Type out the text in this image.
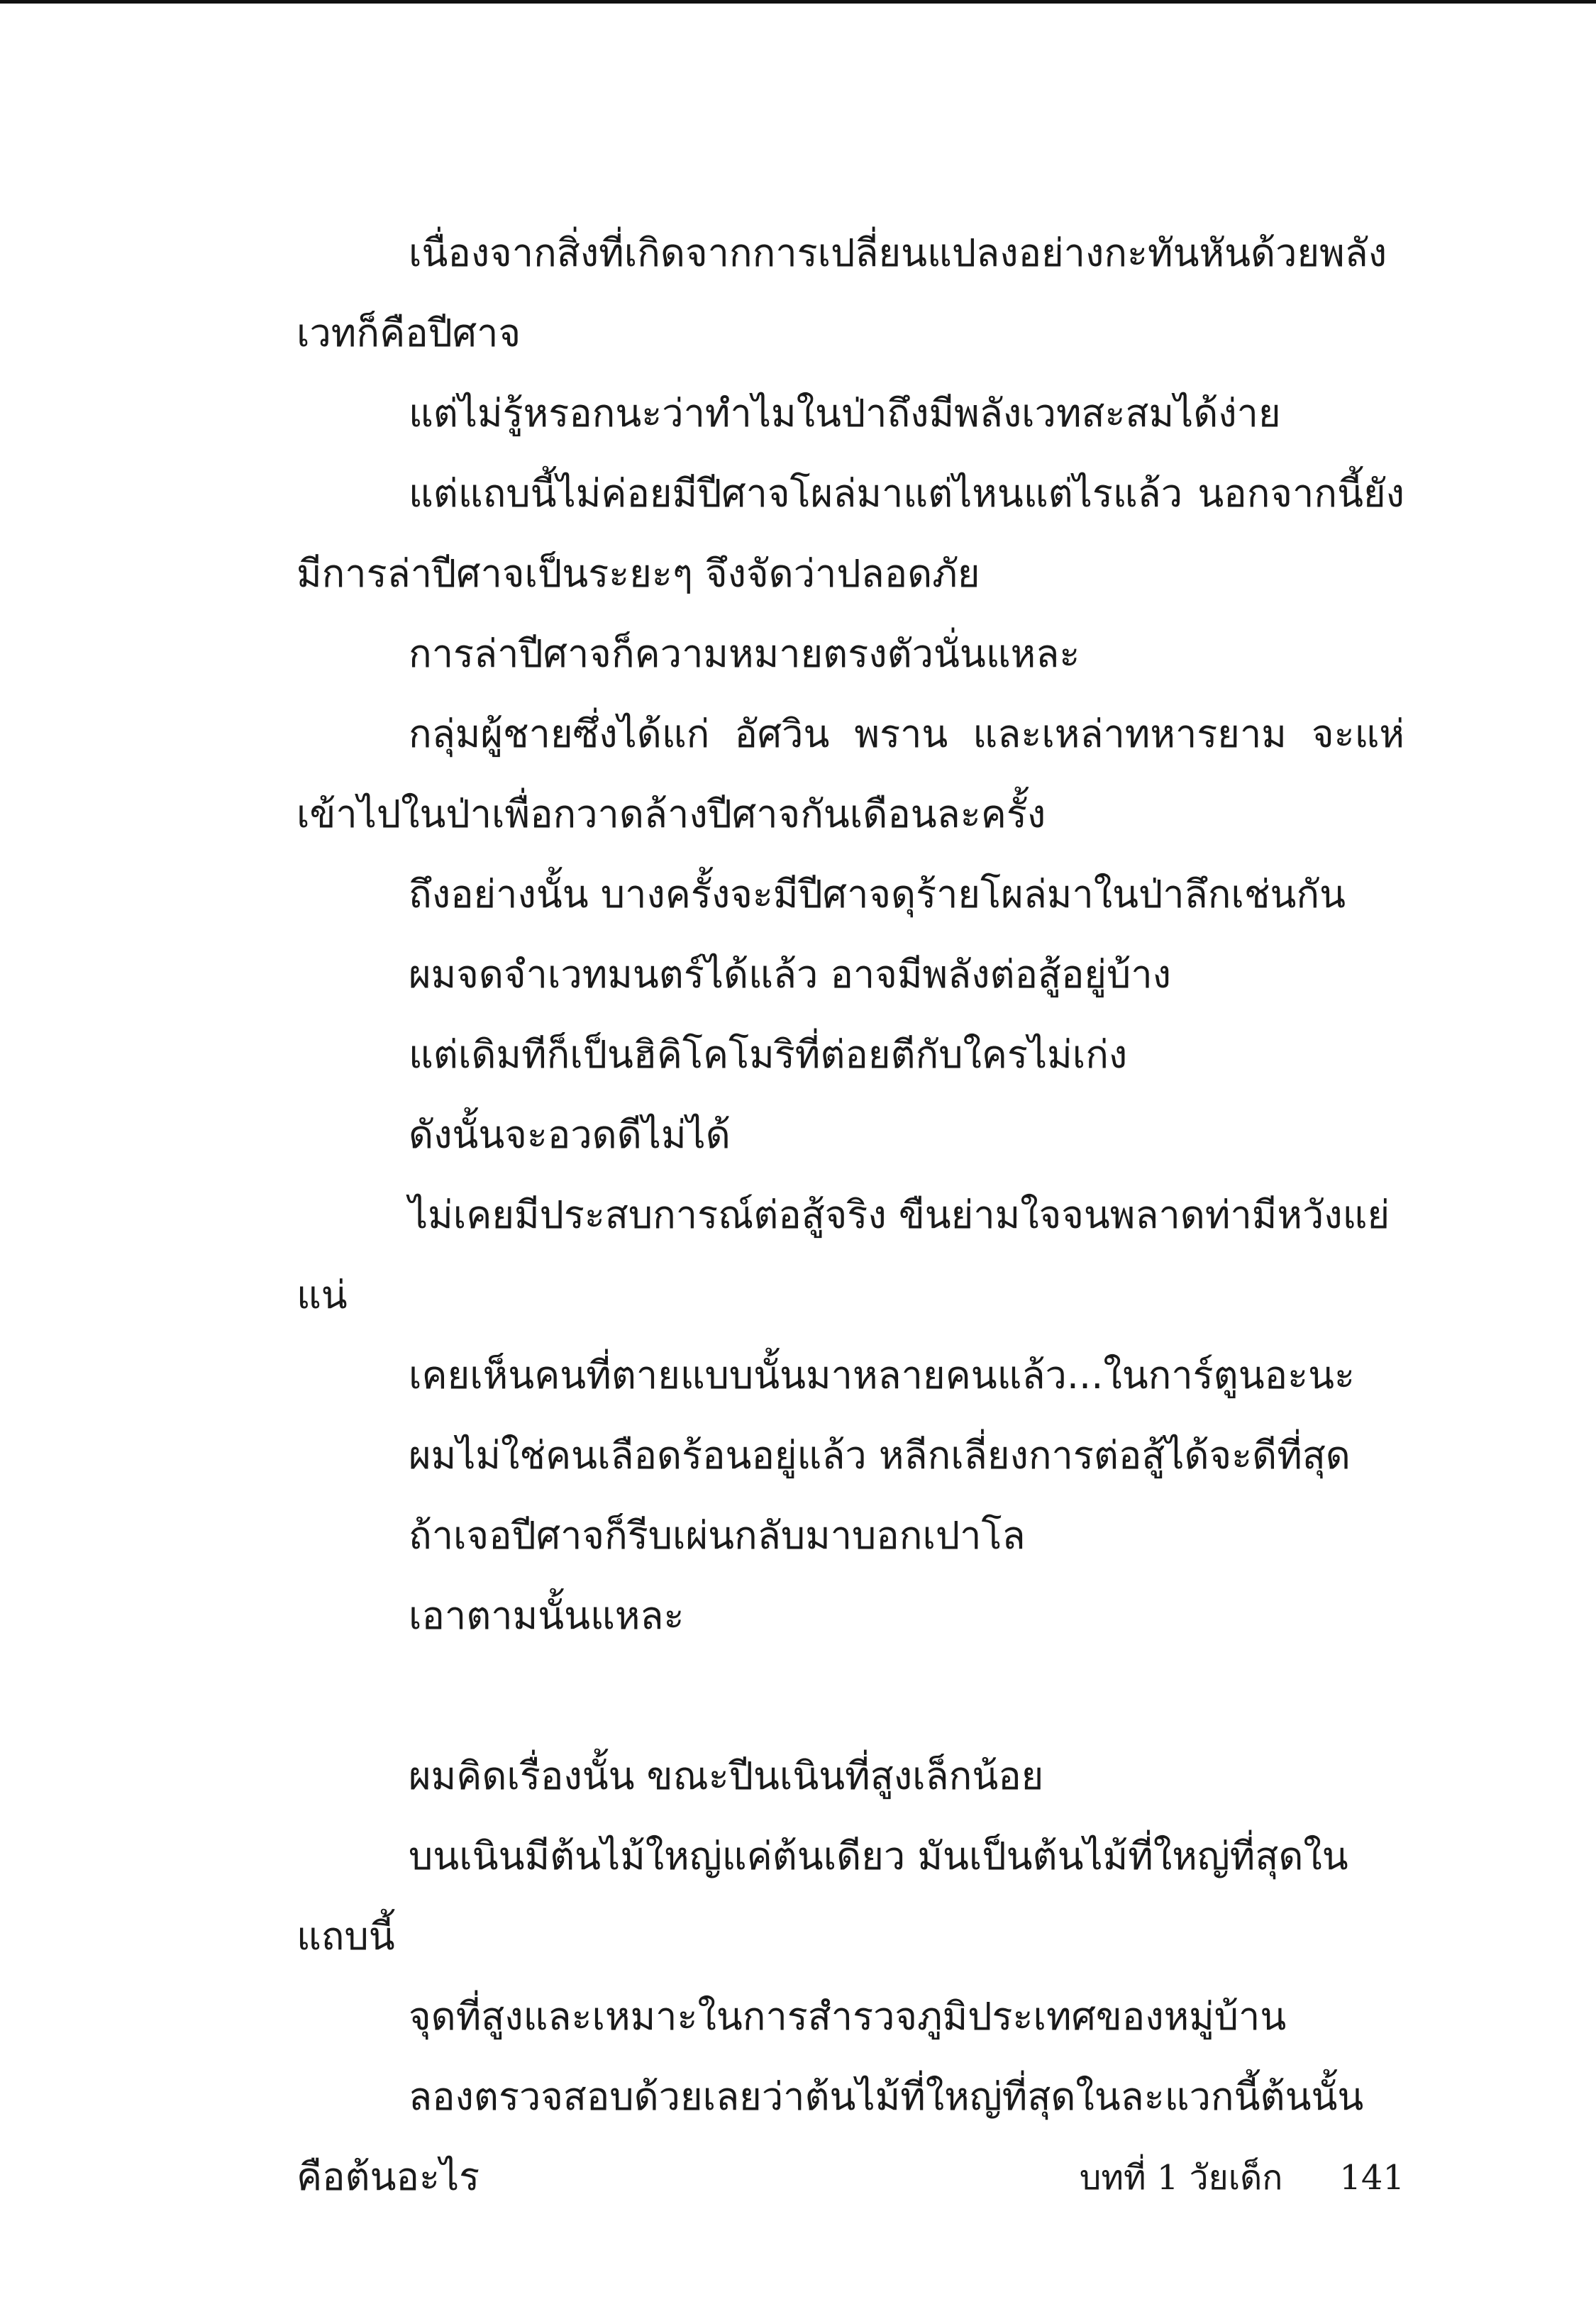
เนื่องจากสิ่งที่เกิดจากการเปลี่ยนแปลงอย่างกะทันหันด้วยพลังเวทก็คือปีศาจ

แต่ไม่รู้หรอกนะว่าทำไมในป่าถึงมีพลังเวทสะสมได้ง่าย

แต่แถบนี้ไม่ค่อยมีปีศาจโผล่มาแต่ไหนแต่ไรแล้ว นอกจากนี้ยังมีการล่าปีศาจเป็นระยะๆ จึงจัดว่าปลอดภัย

การล่าปีศาจก็ความหมายตรงตัวนั่นแหละ

กลุ่มผู้ชายซึ่งได้แก่ อัศวิน พราน และเหล่าทหารยาม จะแห่เข้าไปในป่าเพื่อกวาดล้างปีศาจกันเดือนละครั้ง

ถึงอย่างนั้น บางครั้งจะมีปีศาจดุร้ายโผล่มาในป่าลึกเช่นกัน

ผมจดจำเวทมนตร์ได้แล้ว อาจมีพลังต่อสู้อยู่บ้าง

แต่เดิมทีก็เป็นฮิคิโคโมริที่ต่อยตีกับใครไม่เก่ง

ดังนั้นจะอวดดีไม่ได้

ไม่เคยมีประสบการณ์ต่อสู้จริง ขืนย่ามใจจนพลาดท่ามีหวังแย่แน่

เคยเห็นคนที่ตายแบบนั้นมาหลายคนแล้ว...ในการ์ตูนอะนะ

ผมไม่ใช่คนเลือดร้อนอยู่แล้ว หลีกเลี่ยงการต่อสู้ได้จะดีที่สุด

ถ้าเจอปีศาจก็รีบเผ่นกลับมาบอกเปาโล

เอาตามนั้นแหละ

ผมคิดเรื่องนั้น ขณะปีนเนินที่สูงเล็กน้อย

บนเนินมีต้นไม้ใหญ่แค่ต้นเดียว มันเป็นต้นไม้ที่ใหญ่ที่สุดในแถบนี้

จุดที่สูงและเหมาะในการสำรวจภูมิประเทศของหมู่บ้าน

ลองตรวจสอบด้วยเลยว่าต้นไม้ที่ใหญ่ที่สุดในละแวกนี้ต้นนั้นคือต้นอะไร	บทที่ 1 วัยเด็ก 141
